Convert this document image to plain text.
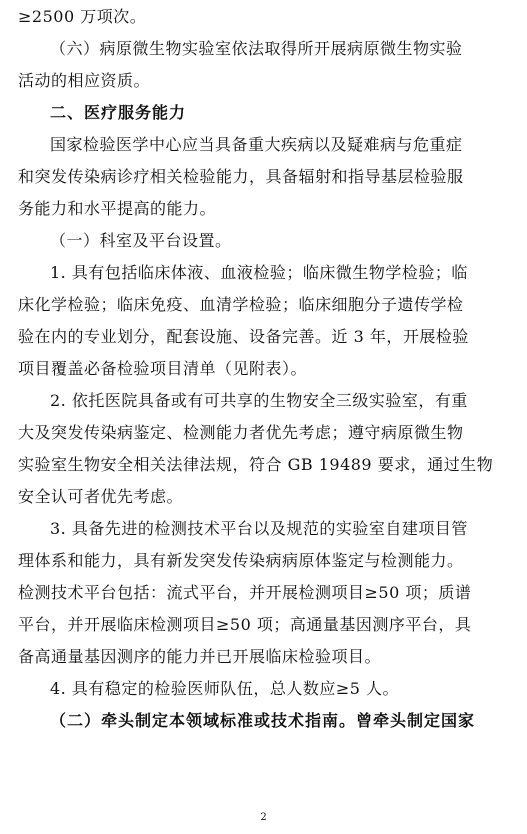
≥2500 万项次。
（六）病原微生物实验室依法取得所开展病原微生物实验
活动的相应资质。
二、医疗服务能力
国家检验医学中心应当具备重大疾病以及疑难病与危重症
和突发传染病诊疗相关检验能力，具备辐射和指导基层检验服
务能力和水平提高的能力。
（一）科室及平台设置。
1. 具有包括临床体液、血液检验；临床微生物学检验；临
床化学检验；临床免疫、血清学检验；临床细胞分子遗传学检
验在内的专业划分，配套设施、设备完善。近 3 年，开展检验
项目覆盖必备检验项目清单（见附表）。
2. 依托医院具备或有可共享的生物安全三级实验室，有重
大及突发传染病鉴定、检测能力者优先考虑；遵守病原微生物
实验室生物安全相关法律法规，符合 GB 19489 要求，通过生物
安全认可者优先考虑。
3. 具备先进的检测技术平台以及规范的实验室自建项目管
理体系和能力，具有新发突发传染病病原体鉴定与检测能力。
检测技术平台包括：流式平台，并开展检测项目≥50 项；质谱
平台，并开展临床检测项目≥50 项；高通量基因测序平台，具
备高通量基因测序的能力并已开展临床检验项目。
4. 具有稳定的检验医师队伍，总人数应≥5 人。
（二）牵头制定本领域标准或技术指南。曾牵头制定国家
2
